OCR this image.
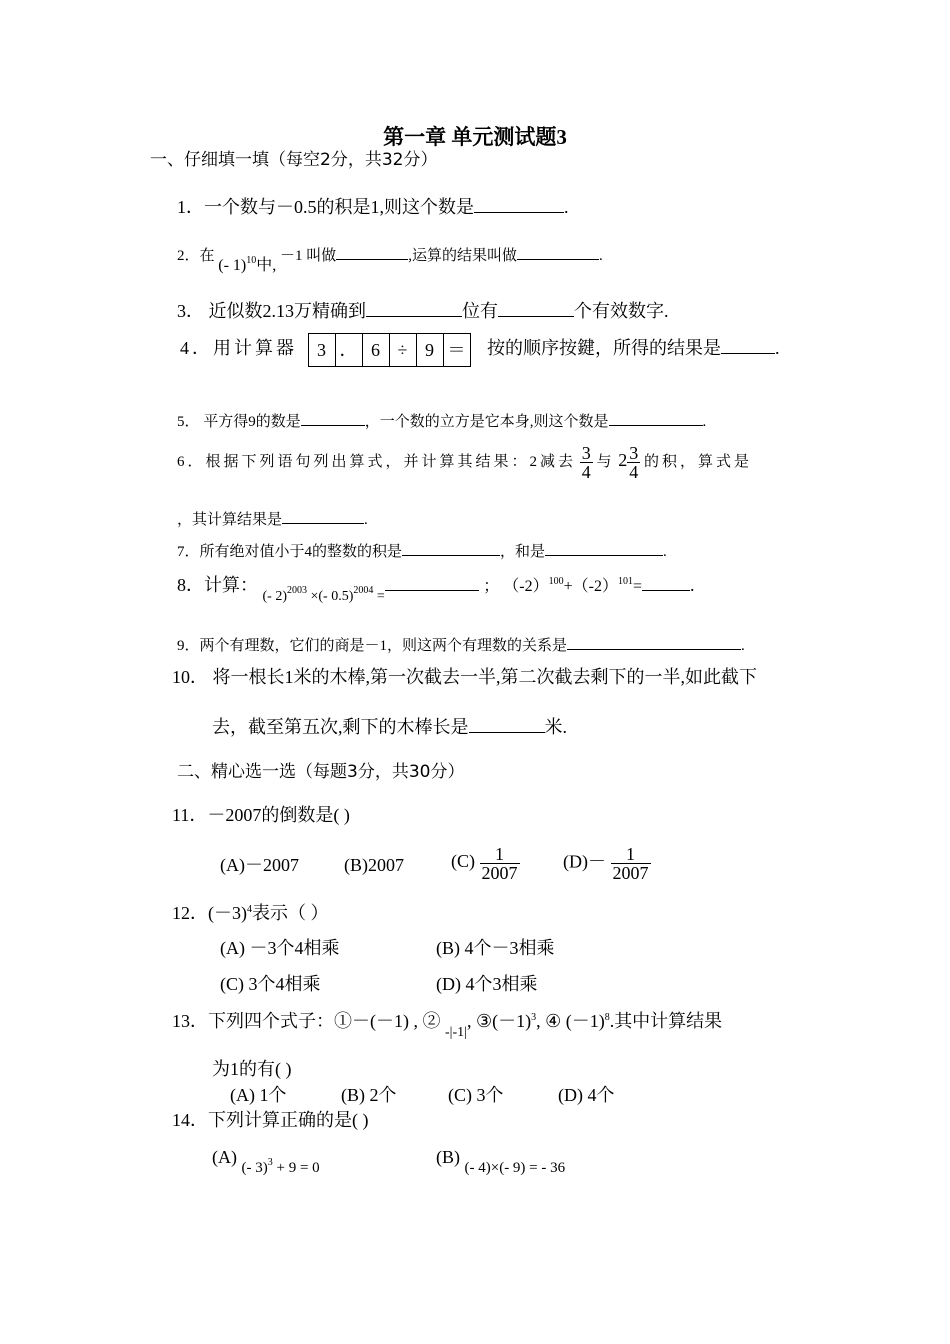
第一章 单元测试题3
一、仔细填一填（每空2分，共32分）
1．一个数与－0.5的积是1,则这个数是	.
2．在 (- 1)$^{10}$中, －1 叫做	,运算的结果叫做	.
3． 近似数2.13万精确到	位有	个有效数字.
4．用计算器	3 ． 6 ÷ 9 ＝ 按的顺序按鍵，所得的结果是	.
5． 平方得9的数是	，一个数的立方是它本身,则这个数是	.
6．根据下列语句列出算式，并计算其结果：2减去 $\frac{3}{4}$ 与 $2 \frac{3}{4}$ 的积，算式是
，其计算结果是	.
7．所有绝对值小于4的整数的积是	，和是	.
8．计算： $_{(- 2)^{2003} \times(- 0.5)^{2004} =}$ ； $(-2)^{100}+(-2)^{101}=$	.
9．两个有理数，它们的商是－1，则这两个有理数的关系是	.
10． 将一根长1米的木棒,第一次截去一半,第二次截去剩下的一半,如此截下
去，截至第五次,剩下的木棒长是	米.
二、精心选一选（每题3分，共30分）
11．－2007的倒数是( )
(A)－2007	(B)2007	$(C) \frac{1}{2007} (D)- \frac{1}{2007}$
12．$(-3)^4$表示（ ）
(A) －3个4相乘	(B) 4个－3相乘
(C) 3个4相乘	(D) 4个3相乘
13．下列四个式子：①－(－1) , ② $_{-|-1|}$, $③(-1)^3$, ④ $(-1)^8$.其中计算结果
为1的有( )
(A) 1个	(B) 2个	(C) 3个	(D) 4个
14．下列计算正确的是( )
(A) $_{(- 3)^3 + 9 = 0}$
(B) $_{(- 4)\times(- 9) = - 36}$
